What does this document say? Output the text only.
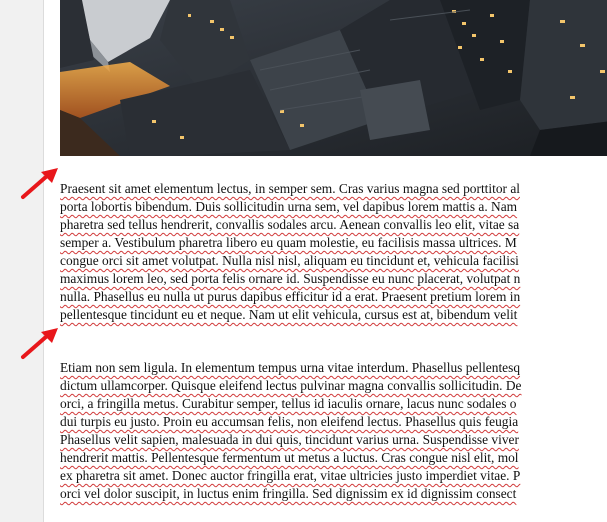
Praesent sit amet elementum lectus, in semper sem. Cras varius magna sed porttitor al
porta lobortis bibendum. Duis sollicitudin urna sem, vel dapibus lorem mattis a. Nam
pharetra sed tellus hendrerit, convallis sodales arcu. Aenean convallis leo elit, vitae sa
semper a. Vestibulum pharetra libero eu quam molestie, eu facilisis massa ultrices. M
congue orci sit amet volutpat. Nulla nisl nisl, aliquam eu tincidunt et, vehicula facilisi
maximus lorem leo, sed porta felis ornare id. Suspendisse eu nunc placerat, volutpat n
nulla. Phasellus eu nulla ut purus dapibus efficitur id a erat. Praesent pretium lorem in
pellentesque tincidunt eu et neque. Nam ut elit vehicula, cursus est at, bibendum velit

Etiam non sem ligula. In elementum tempus urna vitae interdum. Phasellus pellentesq
dictum ullamcorper. Quisque eleifend lectus pulvinar magna convallis sollicitudin. De
orci, a fringilla metus. Curabitur semper, tellus id iaculis ornare, lacus nunc sodales o
dui turpis eu justo. Proin eu accumsan felis, non eleifend lectus. Phasellus quis feugia
Phasellus velit sapien, malesuada in dui quis, tincidunt varius urna. Suspendisse viver
hendrerit mattis. Pellentesque fermentum ut metus a luctus. Cras congue nisl elit, mol
ex pharetra sit amet. Donec auctor fringilla erat, vitae ultricies justo imperdiet vitae. P
orci vel dolor suscipit, in luctus enim fringilla. Sed dignissim ex id dignissim consect
